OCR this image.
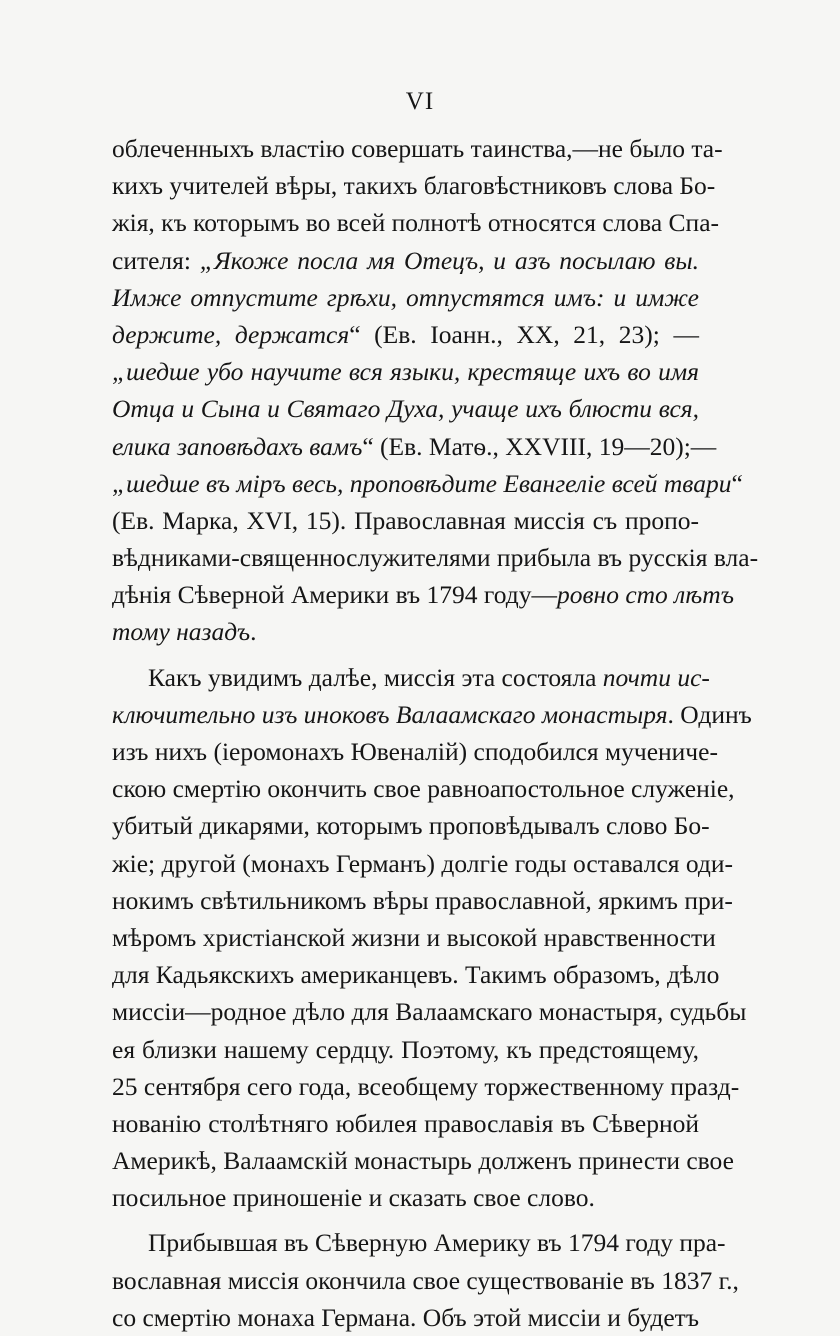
VI
облеченныхъ властію совершать таинства,—не было та-
кихъ учителей вѣры, такихъ благовѣстниковъ слова Бо-
жія, къ которымъ во всей полнотѣ относятся слова Спа-
сителя: „Якоже посла мя Отецъ, и азъ посылаю вы.
Имже отпустите грѣхи, отпустятся имъ: и имже
держите, держатся“ (Ев. Іоанн., XX, 21, 23); —
„шедше убо научите вся языки, крестяще ихъ во имя
Отца и Сына и Святаго Духа, учаще ихъ блюсти вся,
елика заповѣдахъ вамъ“ (Ев. Матѳ., XXVIII, 19—20);—
„шедше въ міръ весь, проповѣдите Евангеліе всей твари“
(Ев. Марка, XVI, 15). Православная миссія съ пропо-
вѣдниками-священнослужителями прибыла въ русскія вла-
дѣнія Сѣверной Америки въ 1794 году—ровно сто лѣтъ
тому назадъ.
Какъ увидимъ далѣе, миссія эта состояла почти ис-
ключительно изъ иноковъ Валаамскаго монастыря. Одинъ
изъ нихъ (іеромонахъ Ювеналій) сподобился мучениче-
скою смертію окончить свое равноапостольное служеніе,
убитый дикарями, которымъ проповѣдывалъ слово Бо-
жіе; другой (монахъ Германъ) долгіе годы оставался оди-
нокимъ свѣтильникомъ вѣры православной, яркимъ при-
мѣромъ христіанской жизни и высокой нравственности
для Кадьякскихъ американцевъ. Такимъ образомъ, дѣло
миссіи—родное дѣло для Валаамскаго монастыря, судьбы
ея близки нашему сердцу. Поэтому, къ предстоящему,
25 сентября сего года, всеобщему торжественному празд-
нованію столѣтняго юбилея православія въ Сѣверной
Америкѣ, Валаамскій монастырь долженъ принести свое
посильное приношеніе и сказать свое слово.
Прибывшая въ Сѣверную Америку въ 1794 году пра-
вославная миссія окончила свое существованіе въ 1837 г.,
со смертію монаха Германа. Объ этой миссіи и будетъ
